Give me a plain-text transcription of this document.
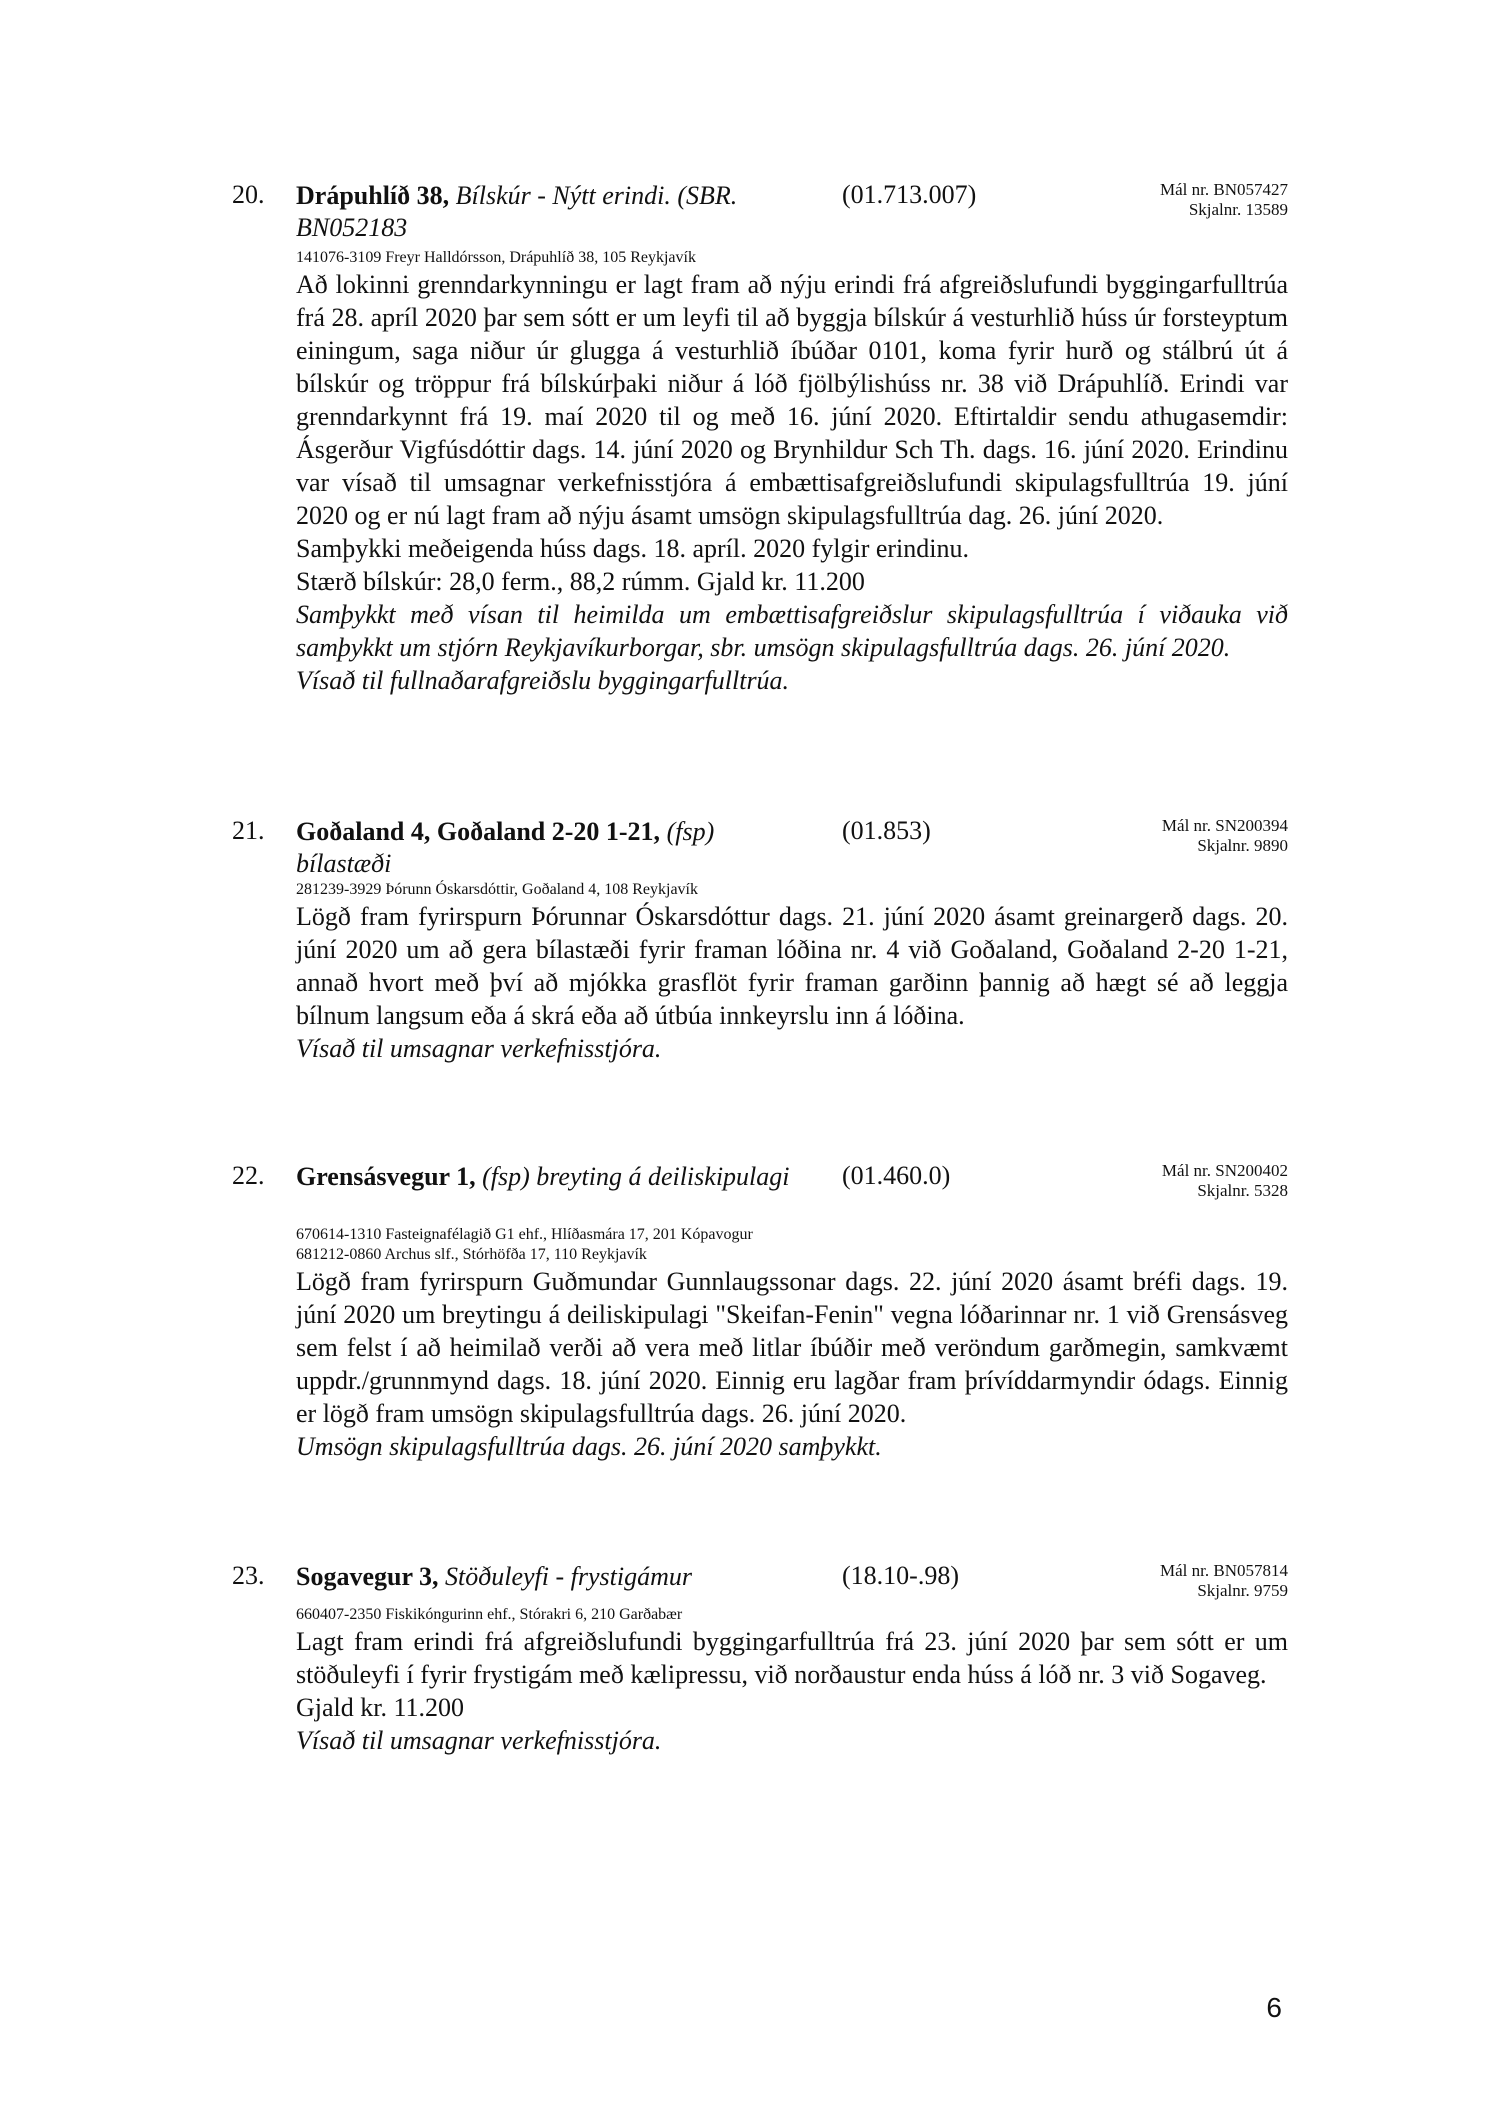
20. Drápuhlíð 38, Bílskúr - Nýtt erindi. (SBR. BN052183
(01.713.007)	Mál nr. BN057427
Skjalnr. 13589

141076-3109 Freyr Halldórsson, Drápuhlíð 38, 105 Reykjavík

Að lokinni grenndarkynningu er lagt fram að nýju erindi frá afgreiðslufundi byggingarfulltrúa frá 28. apríl 2020 þar sem sótt er um leyfi til að byggja bílskúr á vesturhlið húss úr forsteyptum einingum, saga niður úr glugga á vesturhlið íbúðar 0101, koma fyrir hurð og stálbrú út á bílskúr og tröppur frá bílskúrþaki niður á lóð fjölbýlishúss nr. 38 við Drápuhlíð. Erindi var grenndarkynnt frá 19. maí 2020 til og með 16. júní 2020. Eftirtaldir sendu athugasemdir: Ásgerður Vigfúsdóttir dags. 14. júní 2020 og Brynhildur Sch Th. dags. 16. júní 2020. Erindinu var vísað til umsagnar verkefnisstjóra á embættisafgreiðslufundi skipulagsfulltrúa 19. júní 2020 og er nú lagt fram að nýju ásamt umsögn skipulagsfulltrúa dag. 26. júní 2020.

Samþykki meðeigenda húss dags. 18. apríl. 2020 fylgir erindinu.

Stærð bílskúr: 28,0 ferm., 88,2 rúmm. Gjald kr. 11.200

Samþykkt með vísan til heimilda um embættisafgreiðslur skipulagsfulltrúa í viðauka við samþykkt um stjórn Reykjavíkurborgar, sbr. umsögn skipulagsfulltrúa dags. 26. júní 2020.

Vísað til fullnaðarafgreiðslu byggingarfulltrúa.

21. Goðaland 4, Goðaland 2-20 1-21, (fsp) bílastæði
(01.853)	Mál nr. SN200394
Skjalnr. 9890

281239-3929 Þórunn Óskarsdóttir, Goðaland 4, 108 Reykjavík

Lögð fram fyrirspurn Þórunnar Óskarsdóttur dags. 21. júní 2020 ásamt greinargerð dags. 20. júní 2020 um að gera bílastæði fyrir framan lóðina nr. 4 við Goðaland, Goðaland 2-20 1-21, annað hvort með því að mjókka grasflöt fyrir framan garðinn þannig að hægt sé að leggja bílnum langsum eða á skrá eða að útbúa innkeyrslu inn á lóðina.

Vísað til umsagnar verkefnisstjóra.

22. Grensásvegur 1, (fsp) breyting á deiliskipulagi	(01.460.0)	Mál nr. SN200402
Skjalnr. 5328

670614-1310 Fasteignafélagið G1 ehf., Hlíðasmára 17, 201 Kópavogur

681212-0860 Archus slf., Stórhöfða 17, 110 Reykjavík

Lögð fram fyrirspurn Guðmundar Gunnlaugssonar dags. 22. júní 2020 ásamt bréfi dags. 19. júní 2020 um breytingu á deiliskipulagi "Skeifan-Fenin" vegna lóðarinnar nr. 1 við Grensásveg sem felst í að heimilað verði að vera með litlar íbúðir með veröndum garðmegin, samkvæmt uppdr./grunnmynd dags. 18. júní 2020. Einnig eru lagðar fram þrívíddarmyndir ódags. Einnig er lögð fram umsögn skipulagsfulltrúa dags. 26. júní 2020.

Umsögn skipulagsfulltrúa dags. 26. júní 2020 samþykkt.

23. Sogavegur 3, Stöðuleyfi - frystigámur	(18.10-.98)	Mál nr. BN057814
Skjalnr. 9759

660407-2350 Fiskikóngurinn ehf., Stórakri 6, 210 Garðabær

Lagt fram erindi frá afgreiðslufundi byggingarfulltrúa frá 23. júní 2020 þar sem sótt er um stöðuleyfi í fyrir frystigám með kælipressu, við norðaustur enda húss á lóð nr. 3 við Sogaveg.

Gjald kr. 11.200

Vísað til umsagnar verkefnisstjóra.

6
